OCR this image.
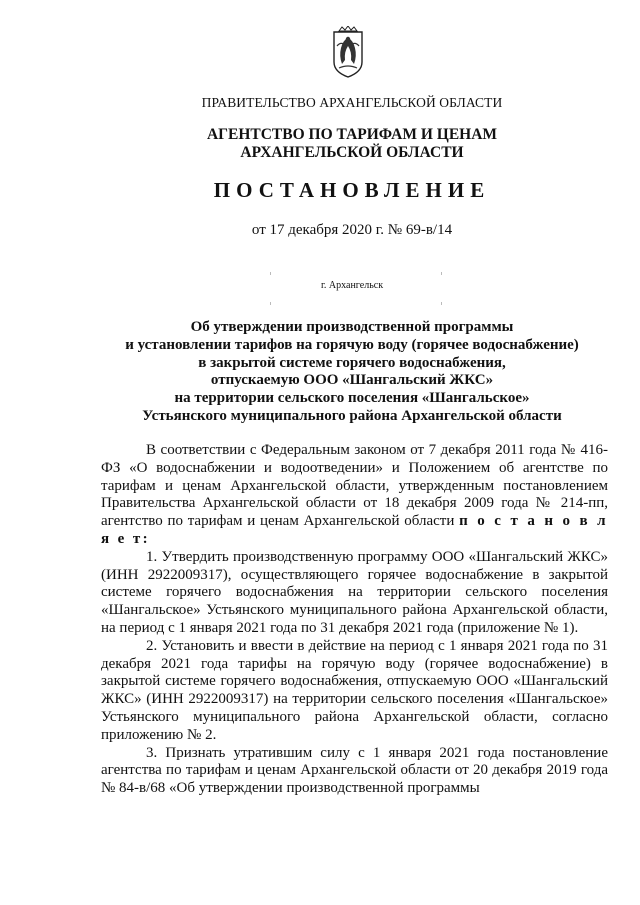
ПРАВИТЕЛЬСТВО АРХАНГЕЛЬСКОЙ ОБЛАСТИ
АГЕНТСТВО ПО ТАРИФАМ И ЦЕНАМ
АРХАНГЕЛЬСКОЙ ОБЛАСТИ
ПОСТАНОВЛЕНИЕ
от 17 декабря 2020 г. № 69-в/14
г. Архангельск
Об утверждении производственной программы
и установлении тарифов на горячую воду (горячее водоснабжение)
в закрытой системе горячего водоснабжения,
отпускаемую ООО «Шангальский ЖКС»
на территории сельского поселения «Шангальское»
Устьянского муниципального района Архангельской области

В соответствии с Федеральным законом от 7 декабря 2011 года № 416-ФЗ «О водоснабжении и водоотведении» и Положением об агентстве по тарифам и ценам Архангельской области, утвержденным постановлением Правительства Архангельской области от 18 декабря 2009 года № 214-пп, агентство по тарифам и ценам Архангельской области п о с т а н о в л я е т:

1. Утвердить производственную программу ООО «Шангальский ЖКС» (ИНН 2922009317), осуществляющего горячее водоснабжение в закрытой системе горячего водоснабжения на территории сельского поселения «Шангальское» Устьянского муниципального района Архангельской области, на период с 1 января 2021 года по 31 декабря 2021 года (приложение № 1).

2. Установить и ввести в действие на период с 1 января 2021 года по 31 декабря 2021 года тарифы на горячую воду (горячее водоснабжение) в закрытой системе горячего водоснабжения, отпускаемую ООО «Шангальский ЖКС» (ИНН 2922009317) на территории сельского поселения «Шангальское» Устьянского муниципального района Архангельской области, согласно приложению № 2.

3. Признать утратившим силу с 1 января 2021 года постановление агентства по тарифам и ценам Архангельской области от 20 декабря 2019 года № 84-в/68 «Об утверждении производственной программы
